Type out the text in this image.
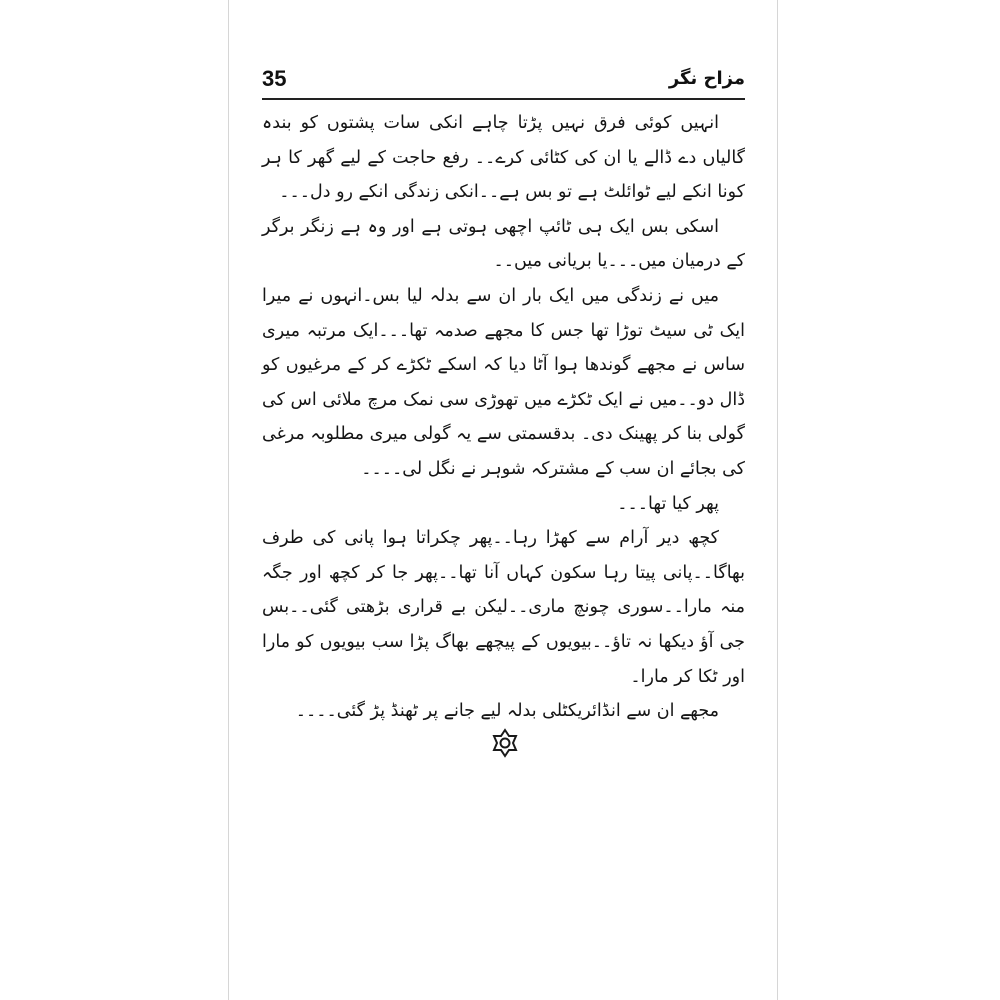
35	مزاح نگر

انہیں کوئی فرق نہیں پڑتا چاہے انکی سات پشتوں کو بندہ گالیاں دے ڈالے یا ان کی کٹائی کرے۔۔ رفع حاجت کے لیے گھر کا ہر کونا انکے لیے ٹوائلٹ ہے تو بس ہے۔۔انکی زندگی انکے رو دل۔۔۔

اسکی بس ایک ہی ٹائپ اچھی ہوتی ہے اور وہ ہے زنگر برگر کے درمیان میں۔۔۔یا بریانی میں۔۔

میں نے زندگی میں ایک بار ان سے بدلہ لیا بس۔انہوں نے میرا ایک ٹی سیٹ توڑا تھا جس کا مجھے صدمہ تھا۔۔۔ایک مرتبہ میری ساس نے مجھے گوندھا ہوا آٹا دیا کہ اسکے ٹکڑے کر کے مرغیوں کو ڈال دو۔۔میں نے ایک ٹکڑے میں تھوڑی سی نمک مرچ ملائی اس کی گولی بنا کر پھینک دی۔ بدقسمتی سے یہ گولی میری مطلوبہ مرغی کی بجائے ان سب کے مشترکہ شوہر نے نگل لی۔۔۔۔

پھر کیا تھا۔۔۔

کچھ دیر آرام سے کھڑا رہا۔۔پھر چکراتا ہوا پانی کی طرف بھاگا۔۔پانی پیتا رہا سکون کہاں آنا تھا۔۔پھر جا کر کچھ اور جگہ منہ مارا۔۔سوری چونچ ماری۔۔لیکن بے قراری بڑھتی گئی۔۔بس جی آؤ دیکھا نہ تاؤ۔۔بیویوں کے پیچھے بھاگ پڑا سب بیویوں کو مارا اور ٹکا کر مارا۔

مجھے ان سے انڈائریکٹلی بدلہ لیے جانے پر ٹھنڈ پڑ گئی۔۔۔۔
